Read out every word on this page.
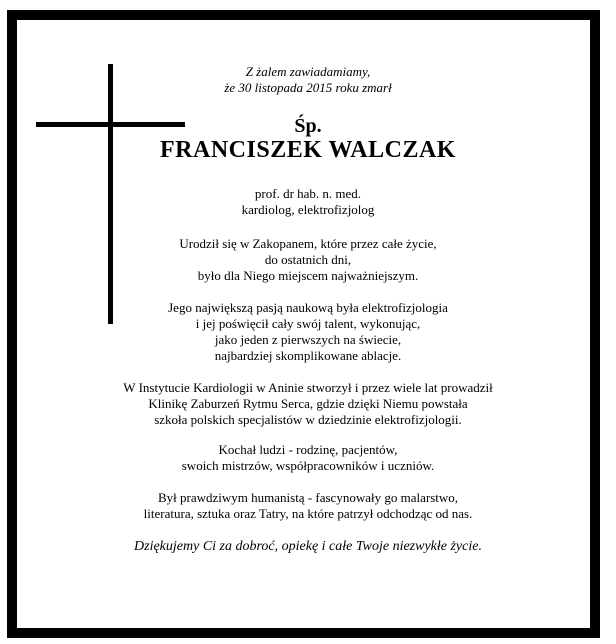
Z żalem zawiadamiamy,
że 30 listopada 2015 roku zmarł
Śp.
FRANCISZEK WALCZAK
prof. dr hab. n. med.
kardiolog, elektrofizjolog
Urodził się w Zakopanem, które przez całe życie,
do ostatnich dni,
było dla Niego miejscem najważniejszym.
Jego największą pasją naukową była elektrofizjologia
i jej poświęcił cały swój talent, wykonując,
jako jeden z pierwszych na świecie,
najbardziej skomplikowane ablacje.
W Instytucie Kardiologii w Aninie stworzył i przez wiele lat prowadził
Klinikę Zaburzeń Rytmu Serca, gdzie dzięki Niemu powstała
szkoła polskich specjalistów w dziedzinie elektrofizjologii.
Kochał ludzi - rodzinę, pacjentów,
swoich mistrzów, współpracowników i uczniów.
Był prawdziwym humanistą - fascynowały go malarstwo,
literatura, sztuka oraz Tatry, na które patrzył odchodząc od nas.
Dziękujemy Ci za dobroć, opiekę i całe Twoje niezwykłe życie.
